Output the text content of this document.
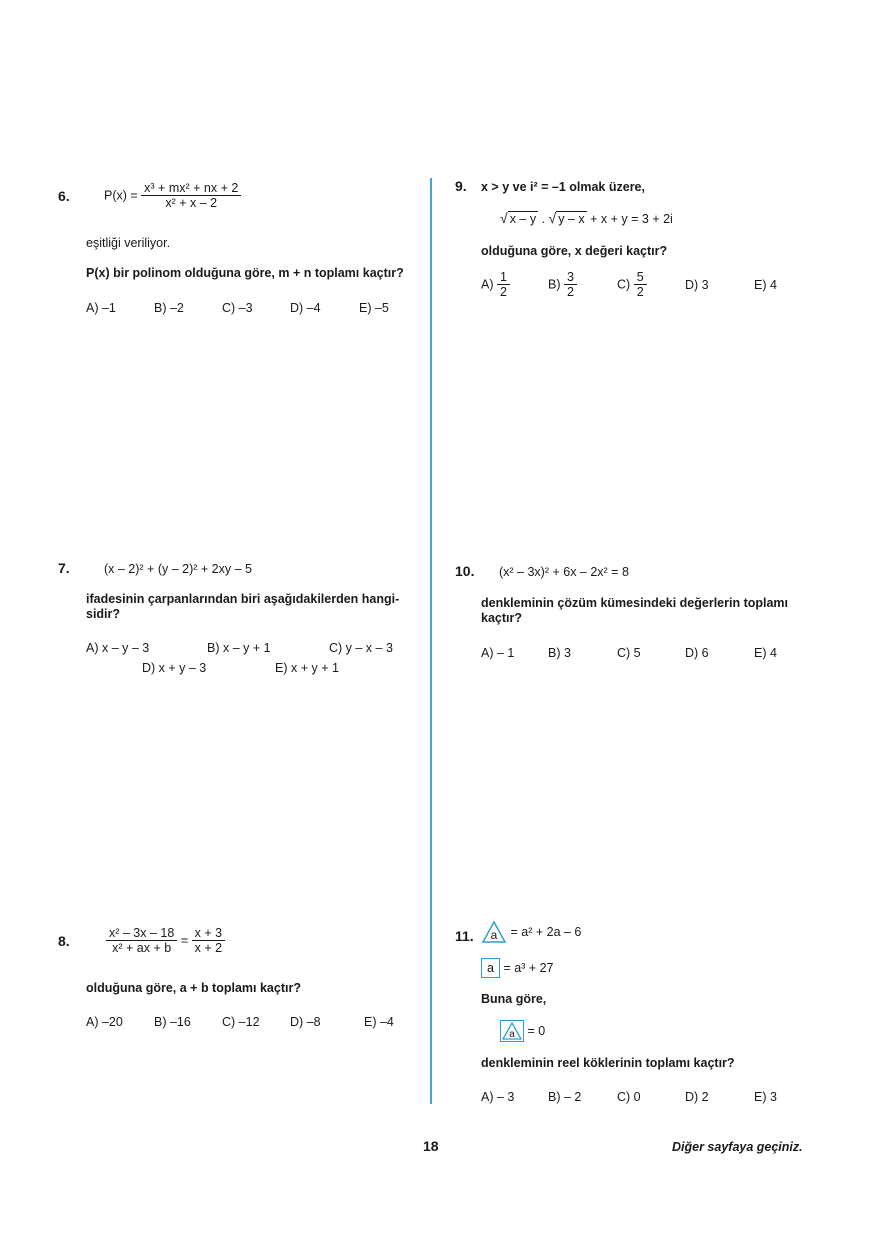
6.	$P(x) = \frac{\text{x³ + mx² + nx + 2}}{\text{x² + x – 2}}$
eşitliği veriliyor.
P(x) bir polinom olduğuna göre, m + n toplamı kaçtır?
A) –1	B) –2	C) –3	D) –4	E) –5
7.	(x – 2)² + (y – 2)² + 2xy – 5
ifadesinin çarpanlarından biri aşağıdakilerden hangi-
sidir?
A) x – y – 3	B) x – y + 1	C) y – x – 3
D) x + y – 3	E) x + y + 1
8.	$\frac{\text{x² – 3x – 18}}{\text{x² + ax + b}} = \frac{x + 3}{x + 2}$
olduğuna göre, a + b toplamı kaçtır?
A) –20 B) –16 C) –12 D) –8	E) –4
9. x > y ve i² = –1 olmak üzere,
√ x – y . √ y – x + x + y = 3 + 2i
olduğuna göre, x değeri kaçtır?
$A) \frac{1}{2}$	$B) \frac{3}{2}$	$C) \frac{5}{2}$	D) 3	E) 4
10. (x² – 3x)² + 6x – 2x² = 8
denkleminin çözüm kümesindeki değerlerin toplamı
kaçtır?
A) – 1	B) 3	C) 5	D) 6	E) 4
11. a = a² + 2a – 6
a = a³ + 27
Buna göre,
a = 0
denkleminin reel köklerinin toplamı kaçtır?
A) – 3	B) – 2	C) 0	D) 2	E) 3
18	Diğer sayfaya geçiniz.
